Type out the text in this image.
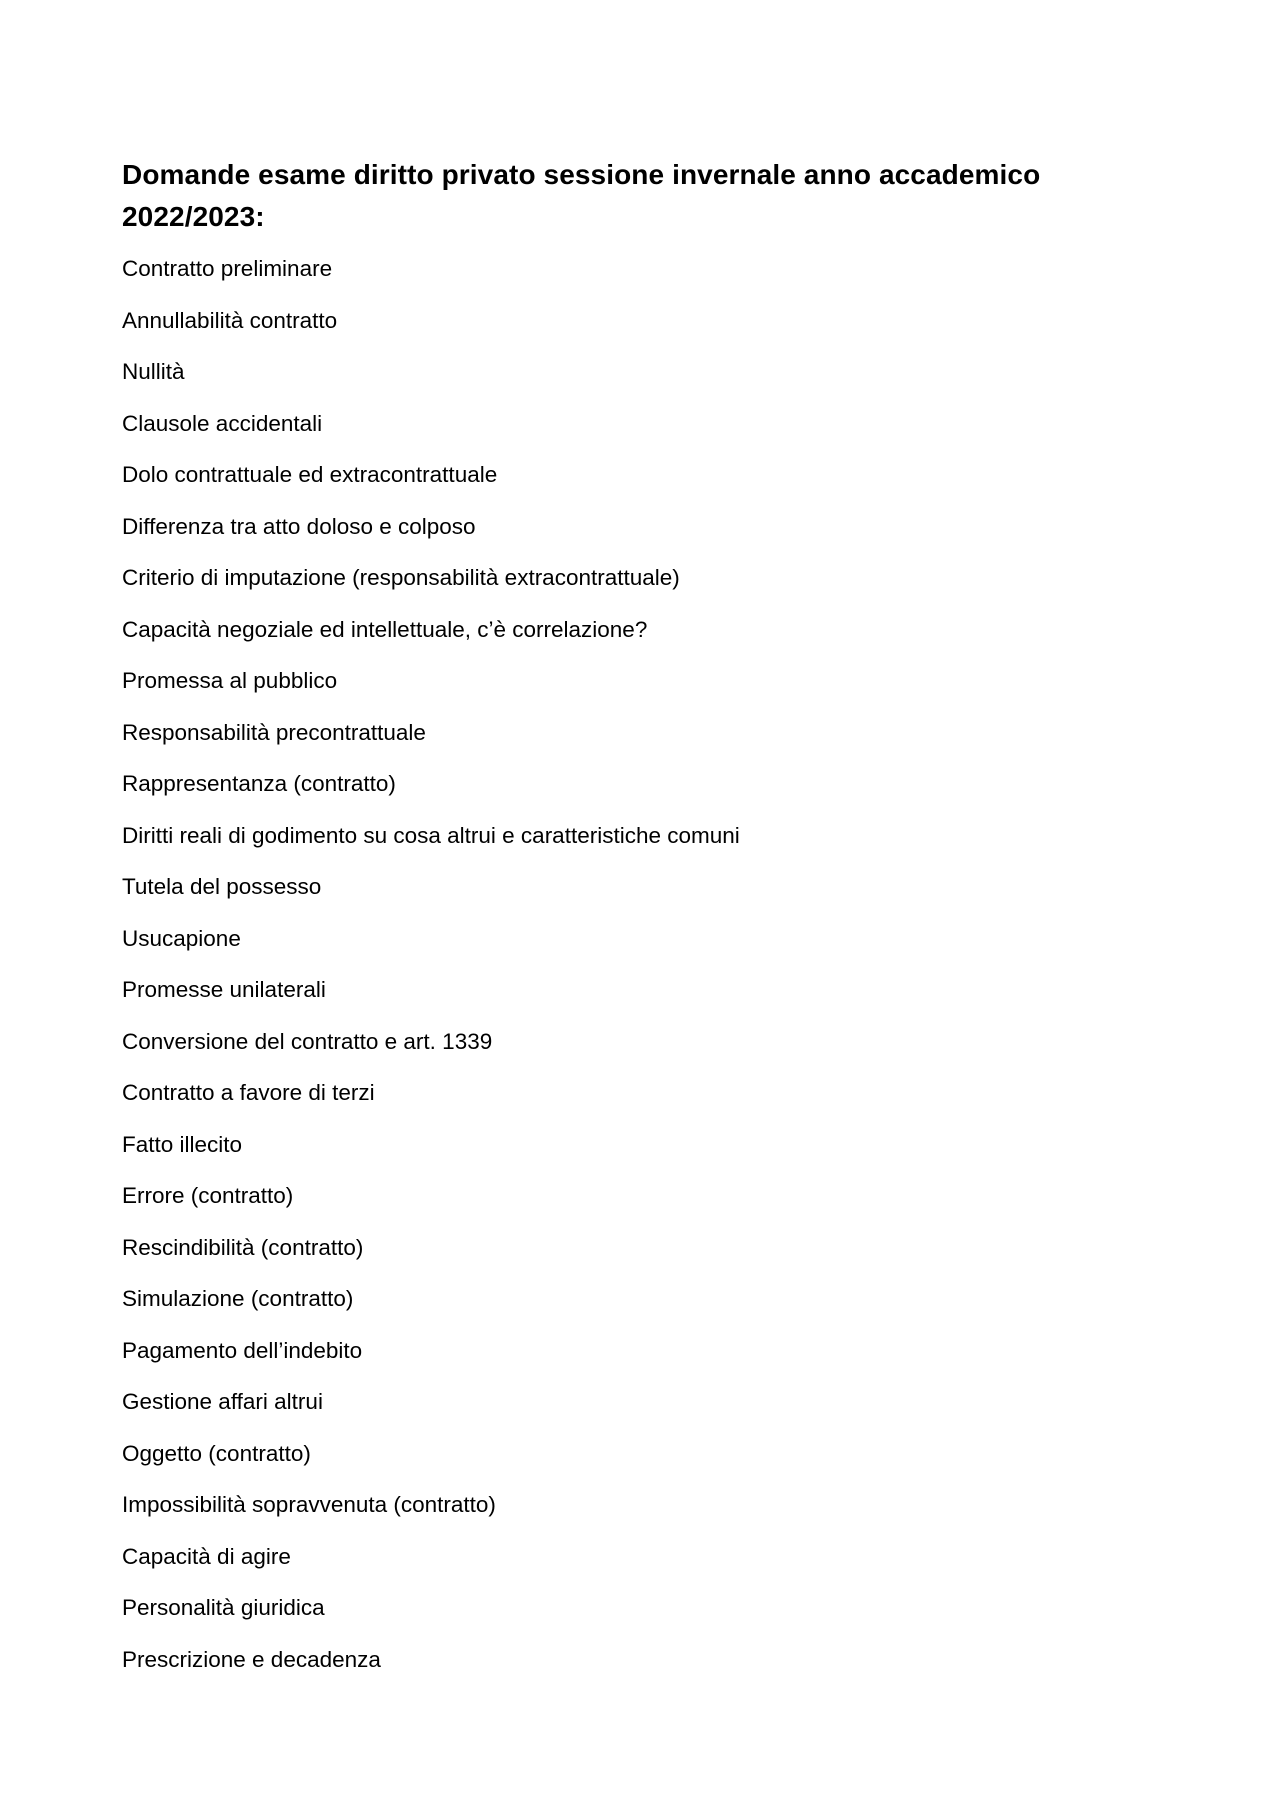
Domande esame diritto privato sessione invernale anno accademico 2022/2023:
Contratto preliminare
Annullabilità contratto
Nullità
Clausole accidentali
Dolo contrattuale ed extracontrattuale
Differenza tra atto doloso e colposo
Criterio di imputazione (responsabilità extracontrattuale)
Capacità negoziale ed intellettuale, c’è correlazione?
Promessa al pubblico
Responsabilità precontrattuale
Rappresentanza (contratto)
Diritti reali di godimento su cosa altrui e caratteristiche comuni
Tutela del possesso
Usucapione
Promesse unilaterali
Conversione del contratto e art. 1339
Contratto a favore di terzi
Fatto illecito
Errore (contratto)
Rescindibilità (contratto)
Simulazione (contratto)
Pagamento dell’indebito
Gestione affari altrui
Oggetto (contratto)
Impossibilità sopravvenuta (contratto)
Capacità di agire
Personalità giuridica
Prescrizione e decadenza
